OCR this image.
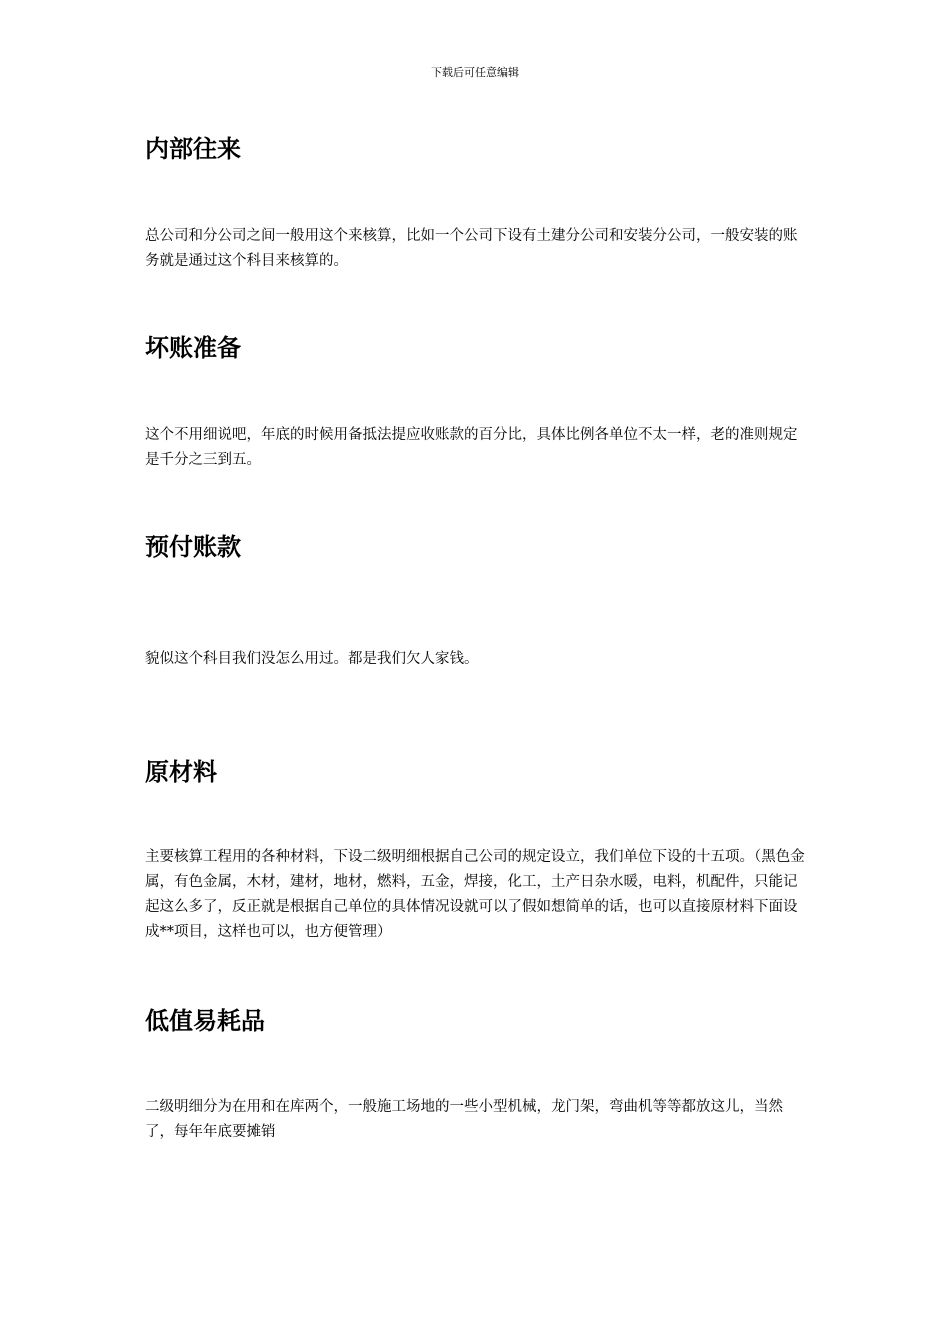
下载后可任意编辑
内部往来

总公司和分公司之间一般用这个来核算，比如一个公司下设有土建分公司和安装分公司，一般安装的账务就是通过这个科目来核算的。

坏账准备

这个不用细说吧，年底的时候用备抵法提应收账款的百分比，具体比例各单位不太一样，老的准则规定是千分之三到五。

预付账款

貌似这个科目我们没怎么用过。都是我们欠人家钱。

原材料

主要核算工程用的各种材料，下设二级明细根据自己公司的规定设立，我们单位下设的十五项。（黑色金属，有色金属，木材，建材，地材，燃料，五金，焊接，化工，土产日杂水暖，电料，机配件，只能记起这么多了，反正就是根据自己单位的具体情况设就可以了假如想简单的话，也可以直接原材料下面设成**项目，这样也可以，也方便管理）

低值易耗品

二级明细分为在用和在库两个，一般施工场地的一些小型机械，龙门架，弯曲机等等都放这儿，当然了，每年年底要摊销
